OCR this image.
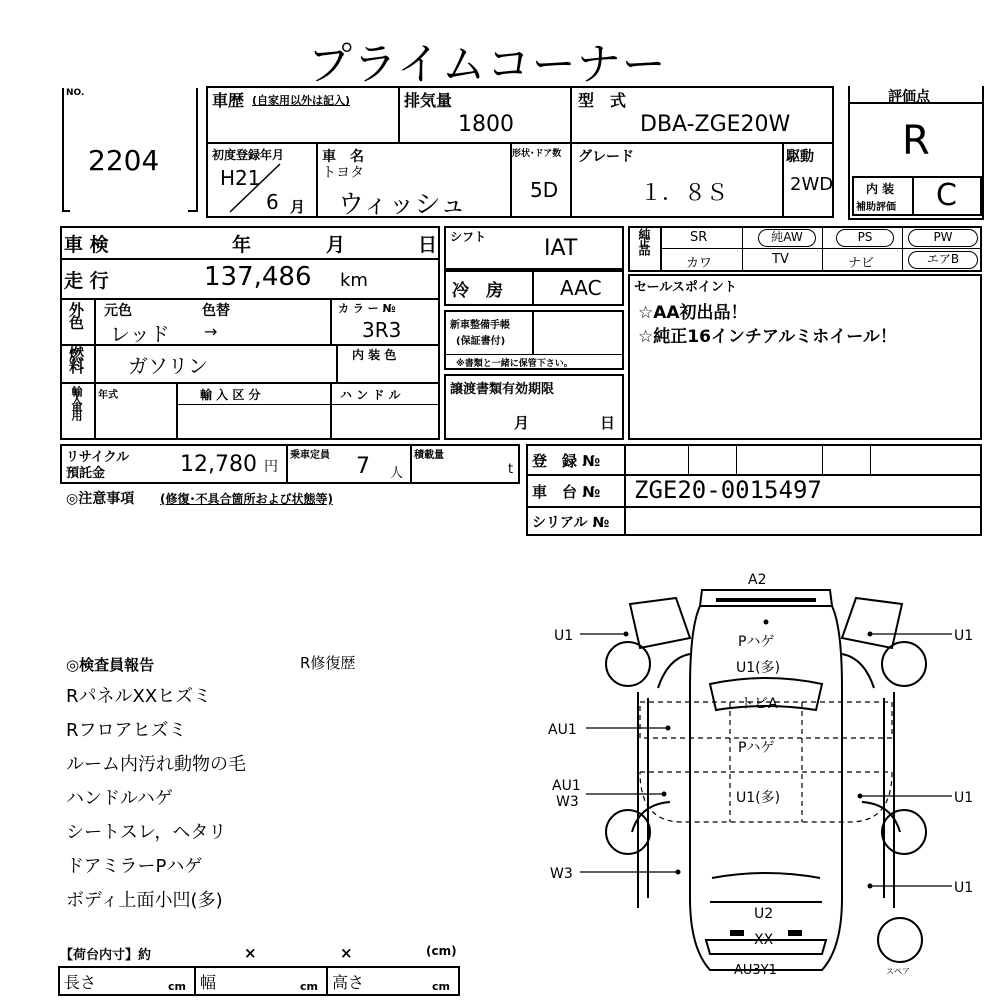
プライムコーナー
NO.
2204
車歴 (自家用以外は記入)	排気量
1800
型　式
DBA-ZGE20W
初度登録年月
H21
6 月
車　名
トヨタ
ウィッシュ
形状･ドア数
5D
グレード
１．８Ｓ
駆動
2WD
評価点
R
内 装
補助評価 C
車 検	年	月	日
走 行	137,486 km
外色 元色	色替
レッド →
カ ラ ー №
3R3
燃料 ガソリン	内 装 色
輸入車用 年式	輸 入 区 分	ハ ン ド ル
リサイクル
預託金	12,780 円
乗車定員 7 人
積載量
t
◎注意事項 (修復･不具合箇所および状態等)
シフト	IAT
冷　房	AAC
新車整備手帳
(保証書付)
※書類と一緒に保管下さい。
譲渡書類有効期限
月	日
純正品	SR	純AW	PS	PW
カワ	TV	ナビ	エアB
セールスポイント
☆AA初出品！
☆純正16インチアルミホイール！
登　録 №
車　台 № ZGE20-0015497
シリアル №
◎検査員報告	R修復歴
RパネルXXヒズミ
Rフロアヒズミ
ルーム内汚れ動物の毛
ハンドルハゲ
シートスレ，ヘタリ
ドアミラーPハゲ
ボディ上面小凹(多)
【荷台内寸】約	×	×	(cm)
長さ	cm 幅	cm 高さ	cm
A2
U1	U1
AU1
AU1
W3	U1
W3
U1
Pハゲ
U1(多)
トビA
Pハゲ
U1(多)
U2
XX
AU3Y1	スペア
